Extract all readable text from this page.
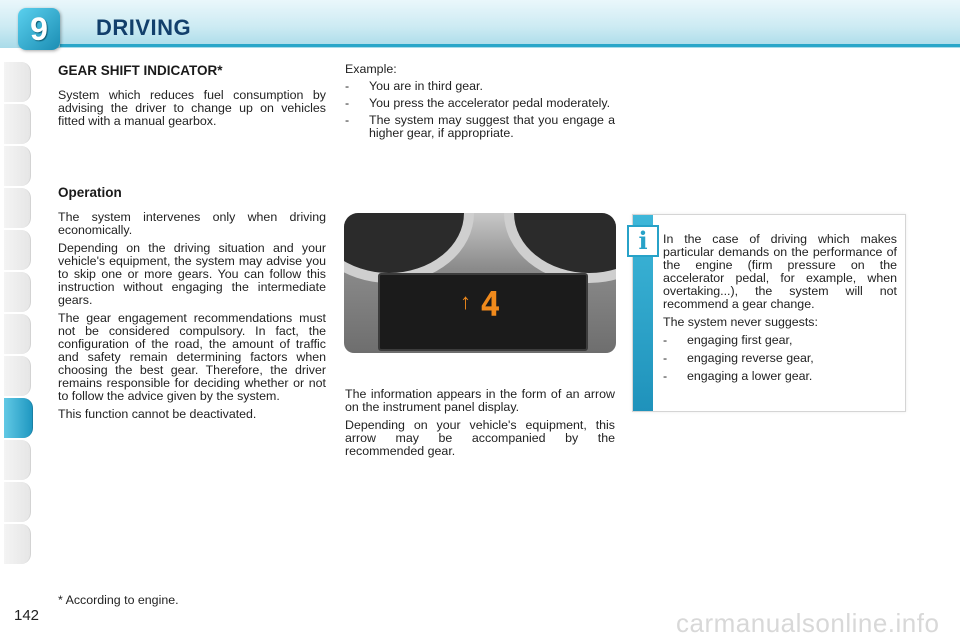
9	DRIVING
GEAR SHIFT INDICATOR*
System which reduces fuel consumption by advising the driver to change up on vehicles fitted with a manual gearbox.
Operation

The system intervenes only when driving economically.

Depending on the driving situation and your vehicle's equipment, the system may advise you to skip one or more gears. You can follow this instruction without engaging the intermediate gears.

The gear engagement recommendations must not be considered compulsory. In fact, the configuration of the road, the amount of traffic and safety remain determining factors when choosing the best gear. Therefore, the driver remains responsible for deciding whether or not to follow the advice given by the system.

This function cannot be deactivated.

Example:
-	You are in third gear.
-	You press the accelerator pedal moderately.
-	The system may suggest that you engage a higher gear, if appropriate.
↑ 4

The information appears in the form of an arrow on the instrument panel display.

Depending on your vehicle's equipment, this arrow may be accompanied by the recommended gear.

i	In the case of driving which makes particular demands on the performance of the engine (firm pressure on the accelerator pedal, for example, when overtaking...), the system will not recommend a gear change.

The system never suggests:

-	engaging first gear,
-	engaging reverse gear,
-	engaging a lower gear.
* According to engine.
142	carmanualsonline.info
